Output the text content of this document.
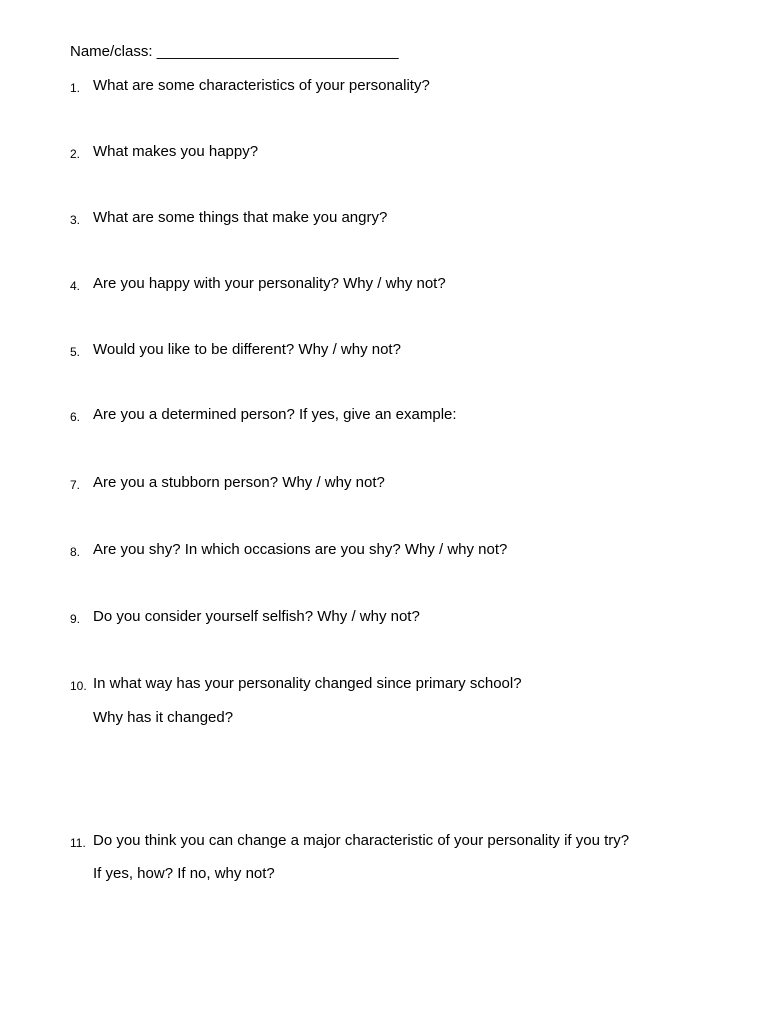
Name/class: _____________________________
1. What are some characteristics of your personality?
2. What makes you happy?
3. What are some things that make you angry?
4. Are you happy with your personality? Why / why not?
5. Would you like to be different? Why / why not?
6. Are you a determined person? If yes, give an example:
7. Are you a stubborn person? Why / why not?
8. Are you shy? In which occasions are you shy? Why / why not?
9. Do you consider yourself selfish? Why / why not?
10. In what way has your personality changed since primary school?
Why has it changed?
11. Do you think you can change a major characteristic of your personality if you try?
If yes, how? If no, why not?
